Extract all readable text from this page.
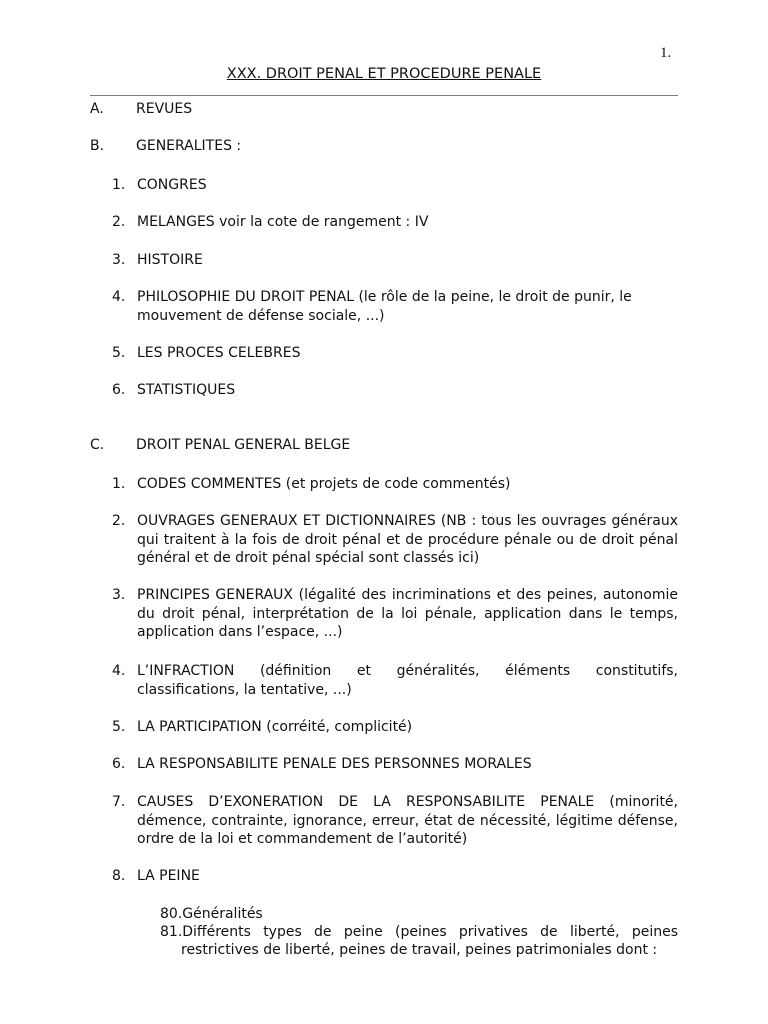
1.
XXX. DROIT PENAL ET PROCEDURE PENALE
A. REVUES
B. GENERALITES :
1. CONGRES
2. MELANGES voir la cote de rangement : IV
3. HISTOIRE
4. PHILOSOPHIE DU DROIT PENAL (le rôle de la peine, le droit de punir, le mouvement de défense sociale, ...)
5. LES PROCES CELEBRES
6. STATISTIQUES
C. DROIT PENAL GENERAL BELGE
1. CODES COMMENTES (et projets de code commentés)
2. OUVRAGES GENERAUX ET DICTIONNAIRES (NB : tous les ouvrages généraux qui traitent à la fois de droit pénal et de procédure pénale ou de droit pénal général et de droit pénal spécial sont classés ici)
3. PRINCIPES GENERAUX (légalité des incriminations et des peines, autonomie du droit pénal, interprétation de la loi pénale, application dans le temps, application dans l’espace, ...)
4. L’INFRACTION (définition et généralités, éléments constitutifs, classifications, la tentative, ...)
5. LA PARTICIPATION (corréité, complicité)
6. LA RESPONSABILITE PENALE DES PERSONNES MORALES
7. CAUSES D’EXONERATION DE LA RESPONSABILITE PENALE (minorité, démence, contrainte, ignorance, erreur, état de nécessité, légitime défense, ordre de la loi et commandement de l’autorité)
8. LA PEINE
80.Généralités
81.Différents types de peine (peines privatives de liberté, peines restrictives de liberté, peines de travail, peines patrimoniales dont :
